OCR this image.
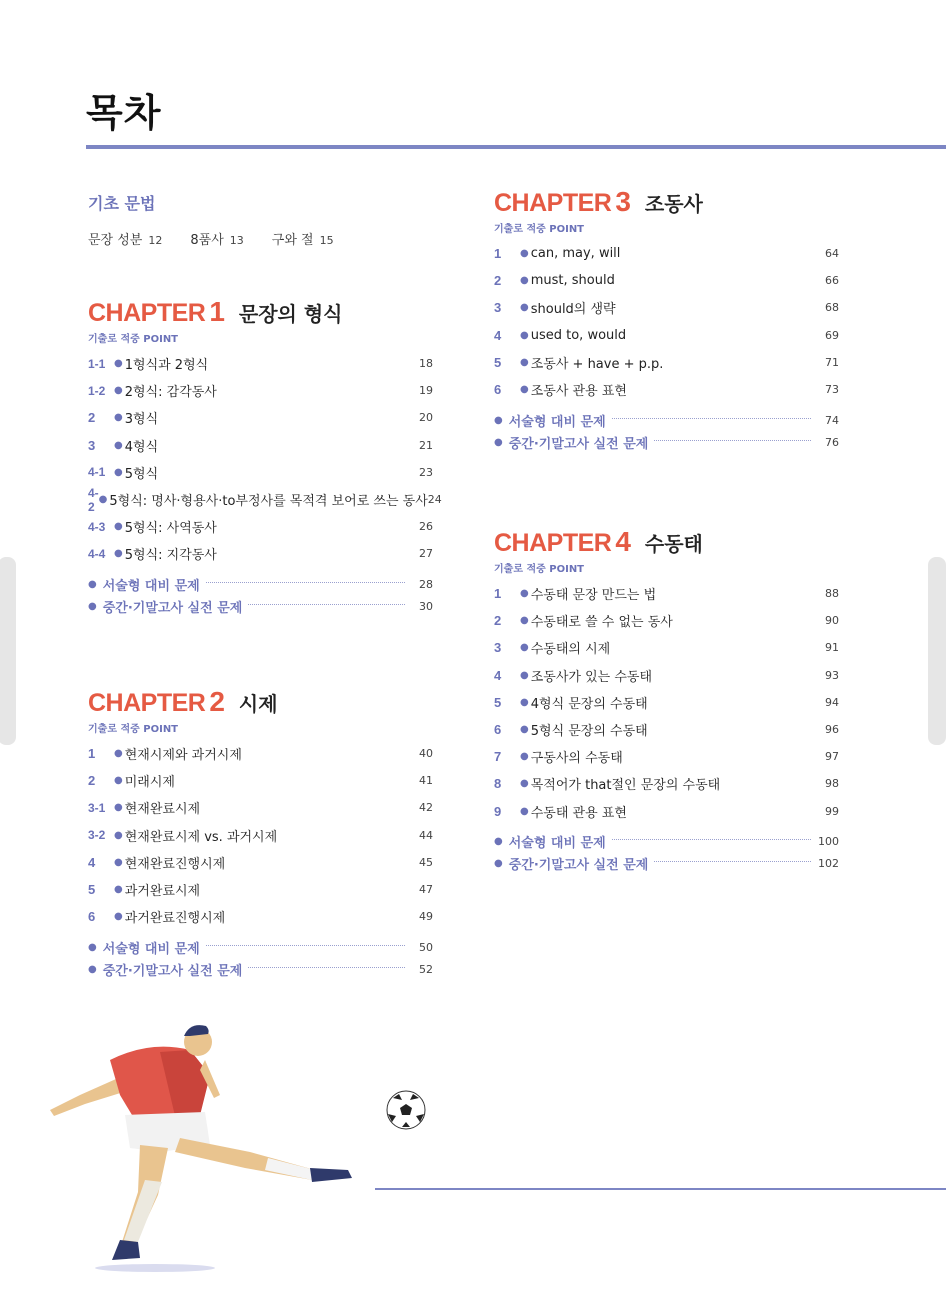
목차
기초 문법
문장 성분 12 8품사 13 구와 절 15
CHAPTER 1 문장의 형식
기출로 적중 POINT
1-1 ● 1형식과 2형식	18
1-2 ● 2형식: 감각동사	19
2	● 3형식	20
3	● 4형식	21
4-1 ● 5형식	23
4-2 ● 5형식: 명사·형용사·to부정사를 목적격 보어로 쓰는 동사 24
4-3 ● 5형식: 사역동사	26
4-4 ● 5형식: 지각동사	27
● 서술형 대비 문제	28
● 중간·기말고사 실전 문제	30
CHAPTER 2 시제
기출로 적중 POINT
1	● 현재시제와 과거시제	40
2	● 미래시제	41
3-1 ● 현재완료시제	42
3-2 ● 현재완료시제 vs. 과거시제	44
4	● 현재완료진행시제	45
5	● 과거완료시제	47
6	● 과거완료진행시제	49
● 서술형 대비 문제	50
● 중간·기말고사 실전 문제	52
CHAPTER 3 조동사
기출로 적중 POINT
1	● can, may, will	64
2	● must, should	66
3	● should의 생략	68
4	● used to, would	69
5	● 조동사 + have + p.p.	71
6	● 조동사 관용 표현	73
● 서술형 대비 문제	74
● 중간·기말고사 실전 문제	76
CHAPTER 4 수동태
기출로 적중 POINT
1	● 수동태 문장 만드는 법	88
2	● 수동태로 쓸 수 없는 동사	90
3	● 수동태의 시제	91
4	● 조동사가 있는 수동태	93
5	● 4형식 문장의 수동태	94
6	● 5형식 문장의 수동태	96
7	● 구동사의 수동태	97
8	● 목적어가 that절인 문장의 수동태	98
9	● 수동태 관용 표현	99
● 서술형 대비 문제	100
● 중간·기말고사 실전 문제	102
